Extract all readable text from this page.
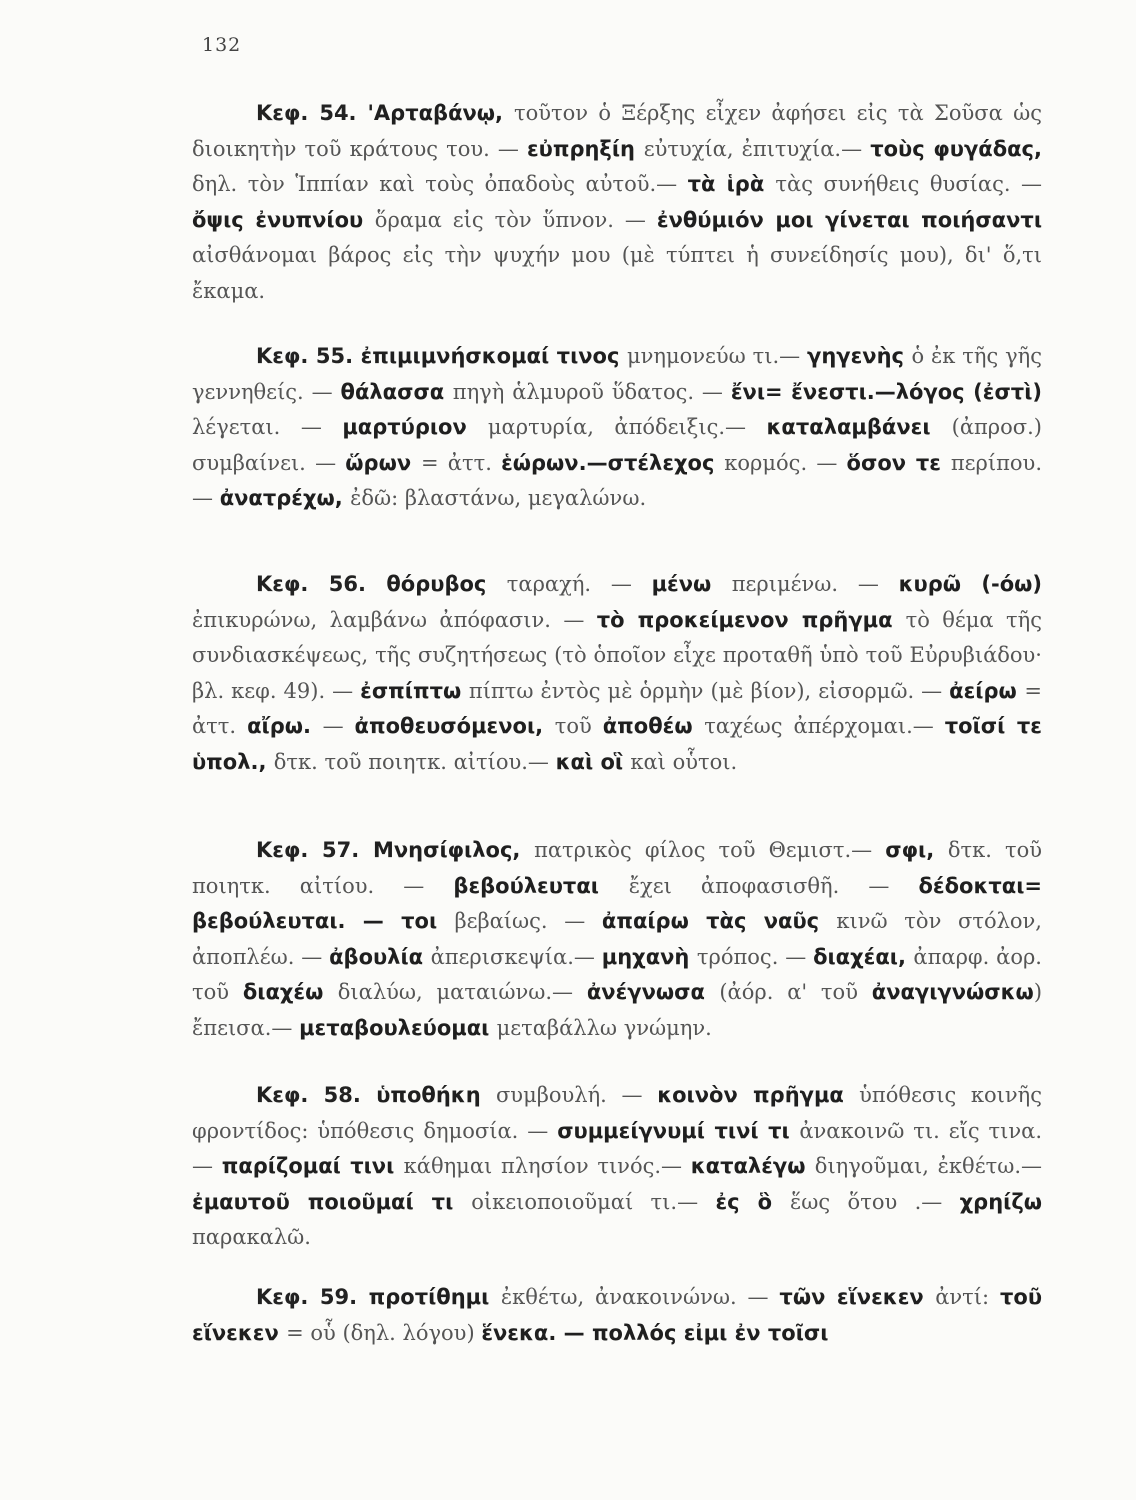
132

Κεφ. 54. 'Αρταβάνῳ, τοῦτον ὁ Ξέρξης εἶχεν ἀφήσει εἰς τὰ Σοῦσα ὡς διοικητὴν τοῦ κράτους του. — εὐπρηξίη εὐτυχία, ἐπιτυχία.— τοὺς φυγάδας, δηλ. τὸν Ἱππίαν καὶ τοὺς ὀπαδοὺς αὐτοῦ.— τὰ ἱρὰ τὰς συνήθεις θυσίας. — ὄψις ἐνυπνίου ὅραμα εἰς τὸν ὕπνον. — ἐνθύμιόν μοι γίνεται ποιήσαντι αἰσθάνομαι βάρος εἰς τὴν ψυχήν μου (μὲ τύπτει ἡ συνείδησίς μου), δι' ὅ,τι ἔκαμα.

Κεφ. 55. ἐπιμιμνήσκομαί τινος μνημονεύω τι.— γηγενὴς ὁ ἐκ τῆς γῆς γεννηθείς. — θάλασσα πηγὴ ἁλμυροῦ ὕδατος. — ἔνι= ἔνεστι.—λόγος (ἐστὶ) λέγεται. — μαρτύριον μαρτυρία, ἀπόδειξις.— καταλαμβάνει (ἀπροσ.) συμβαίνει. — ὥρων = ἀττ. ἑώρων.—στέλεχος κορμός. — ὅσον τε περίπου. — ἀνατρέχω, ἐδῶ: βλαστάνω, μεγαλώνω.

Κεφ. 56. θόρυβος ταραχή. — μένω περιμένω. — κυρῶ (-όω) ἐπικυρώνω, λαμβάνω ἀπόφασιν. — τὸ προκείμενον πρῆγμα τὸ θέμα τῆς συνδιασκέψεως, τῆς συζητήσεως (τὸ ὁποῖον εἶχε προταθῆ ὑπὸ τοῦ Εὐρυβιάδου· βλ. κεφ. 49). — ἐσπίπτω πίπτω ἐντὸς μὲ ὁρμὴν (μὲ βίον), εἰσορμῶ. — ἀείρω = ἀττ. αἴρω. — ἀποθευσόμενοι, τοῦ ἀποθέω ταχέως ἀπέρχομαι.— τοῖσί τε ὑπολ., δτκ. τοῦ ποιητκ. αἰτίου.— καὶ οἳ καὶ οὗτοι.

Κεφ. 57. Μνησίφιλος, πατρικὸς φίλος τοῦ Θεμιστ.— σφι, δτκ. τοῦ ποιητκ. αἰτίου. — βεβούλευται ἔχει ἀποφασισθῆ. — δέδοκται= βεβούλευται. — τοι βεβαίως. — ἀπαίρω τὰς ναῦς κινῶ τὸν στόλον, ἀποπλέω. — ἀβουλία ἀπερισκεψία.— μηχανὴ τρόπος. — διαχέαι, ἀπαρφ. ἀορ. τοῦ διαχέω διαλύω, ματαιώνω.— ἀνέγνωσα (ἀόρ. α' τοῦ ἀναγιγνώσκω) ἔπεισα.— μεταβουλεύομαι μεταβάλλω γνώμην.

Κεφ. 58. ὑποθήκη συμβουλή. — κοινὸν πρῆγμα ὑπόθεσις κοινῆς φροντίδος: ὑπόθεσις δημοσία. — συμμείγνυμί τινί τι ἀνακοινῶ τι. εἴς τινα. — παρίζομαί τινι κάθημαι πλησίον τινός.— καταλέγω διηγοῦμαι, ἐκθέτω.— ἐμαυτοῦ ποιοῦμαί τι οἰκειοποιοῦμαί τι.— ἐς ὃ ἕως ὅτου .— χρηίζω παρακαλῶ.

Κεφ. 59. προτίθημι ἐκθέτω, ἀνακοινώνω. — τῶν εἵνεκεν ἀντί: τοῦ εἵνεκεν = οὗ (δηλ. λόγου) ἕνεκα. — πολλός εἰμι ἐν τοῖσι
